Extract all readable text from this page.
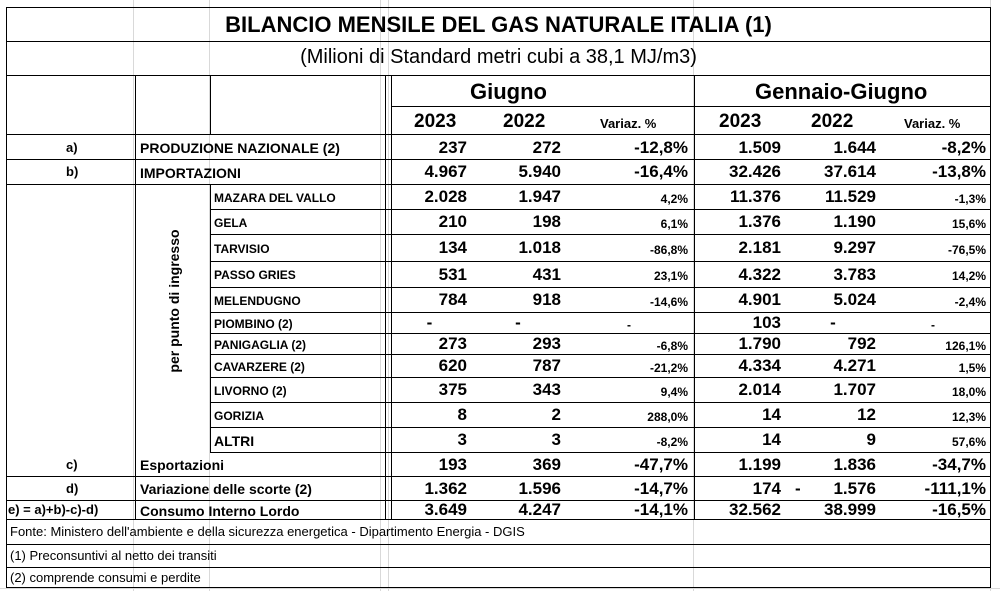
BILANCIO MENSILE DEL GAS NATURALE ITALIA (1)
(Milioni di Standard metri cubi a 38,1 MJ/m3)
Giugno	Gennaio-Giugno
2023 2022	Variaz. %	2023	2022	Variaz. %
per punto di ingresso
a)	PRODUZIONE NAZIONALE (2)	237	272	-12,8%	1.509	1.644	-8,2%
b)	IMPORTAZIONI	4.967	5.940	-16,4%	32.426	37.614	-13,8%
MAZARA DEL VALLO	2.028	1.947	4,2%	11.376	11.529	-1,3%
GELA	210	198	6,1%	1.376	1.190	15,6%
TARVISIO	134	1.018	-86,8%	2.181	9.297	-76,5%
PASSO GRIES	531	431	23,1%	4.322	3.783	14,2%
MELENDUGNO	784	918	-14,6%	4.901	5.024	-2,4%
PIOMBINO (2)	-	-	-	103	-	-
PANIGAGLIA (2)	273	293	-6,8%	1.790	792	126,1%
CAVARZERE (2)	620	787	-21,2%	4.334	4.271	1,5%
LIVORNO (2)	375	343	9,4%	2.014	1.707	18,0%
GORIZIA	8	2	288,0%	14	12	12,3%
ALTRI	3	3	-8,2%	14	9	57,6%
c)	Esportazioni	193	369	-47,7%	1.199	1.836	-34,7%
d)	Variazione delle scorte (2)	1.362	1.596	-14,7%	174 -	1.576	-111,1%
e) = a)+b)-c)-d)	Consumo Interno Lordo	3.649	4.247	-14,1%	32.562	38.999	-16,5%
Fonte: Ministero dell'ambiente e della sicurezza energetica - Dipartimento Energia - DGIS
(1) Preconsuntivi al netto dei transiti
(2) comprende consumi e perdite
